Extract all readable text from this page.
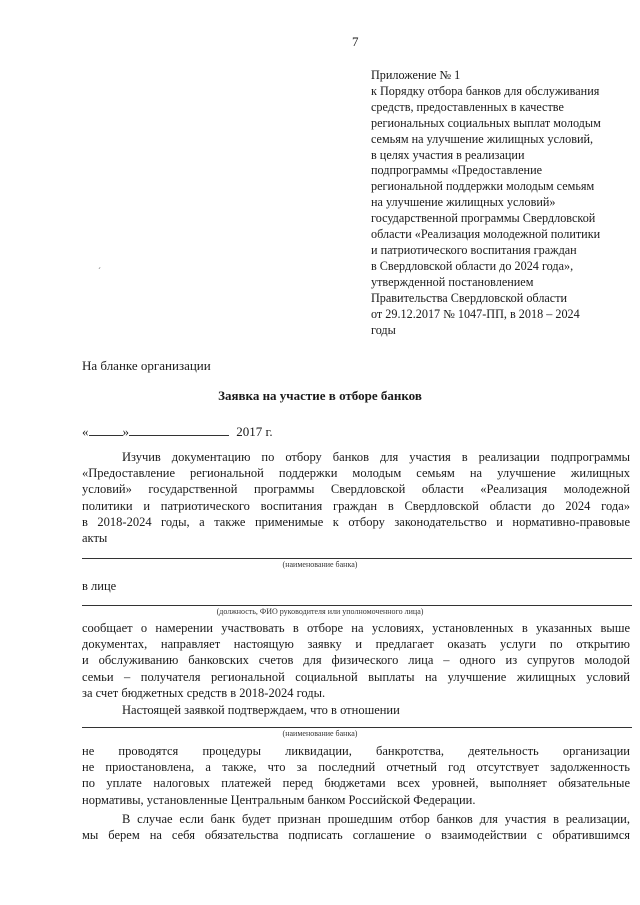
7
Приложение № 1
к Порядку отбора банков для обслуживания
средств, предоставленных в качестве
региональных социальных выплат молодым
семьям на улучшение жилищных условий,
в целях участия в реализации
подпрограммы «Предоставление
региональной поддержки молодым семьям
на улучшение жилищных условий»
государственной программы Свердловской
области «Реализация молодежной политики
и патриотического воспитания граждан
в Свердловской области до 2024 года»,
утвержденной постановлением
Правительства Свердловской области
от 29.12.2017 № 1047-ПП, в 2018 – 2024
годы
ˊ
На бланке организации
Заявка на участие в отборе банков
«	»	2017 г.
Изучив документацию по отбору банков для участия в реализации подпрограммы
«Предоставление региональной поддержки молодым семьям на улучшение жилищных
условий» государственной программы Свердловской области «Реализация молодежной
политики и патриотического воспитания граждан в Свердловской области до 2024 года»
в 2018-2024 годы, а также применимые к отбору законодательство и нормативно-правовые
акты
(наименование банка)
в лице
(должность, ФИО руководителя или уполномоченного лица)
сообщает о намерении участвовать в отборе на условиях, установленных в указанных выше
документах, направляет настоящую заявку и предлагает оказать услуги по открытию
и обслуживанию банковских счетов для физического лица – одного из супругов молодой
семьи – получателя региональной социальной выплаты на улучшение жилищных условий
за счет бюджетных средств в 2018-2024 годы.
Настоящей заявкой подтверждаем, что в отношении
(наименование банка)
не проводятся процедуры ликвидации, банкротства, деятельность организации
не приостановлена, а также, что за последний отчетный год отсутствует задолженность
по уплате налоговых платежей перед бюджетами всех уровней, выполняет обязательные
нормативы, установленные Центральным банком Российской Федерации.
В случае если банк будет признан прошедшим отбор банков для участия в реализации,
мы берем на себя обязательства подписать соглашение о взаимодействии с обратившимся
